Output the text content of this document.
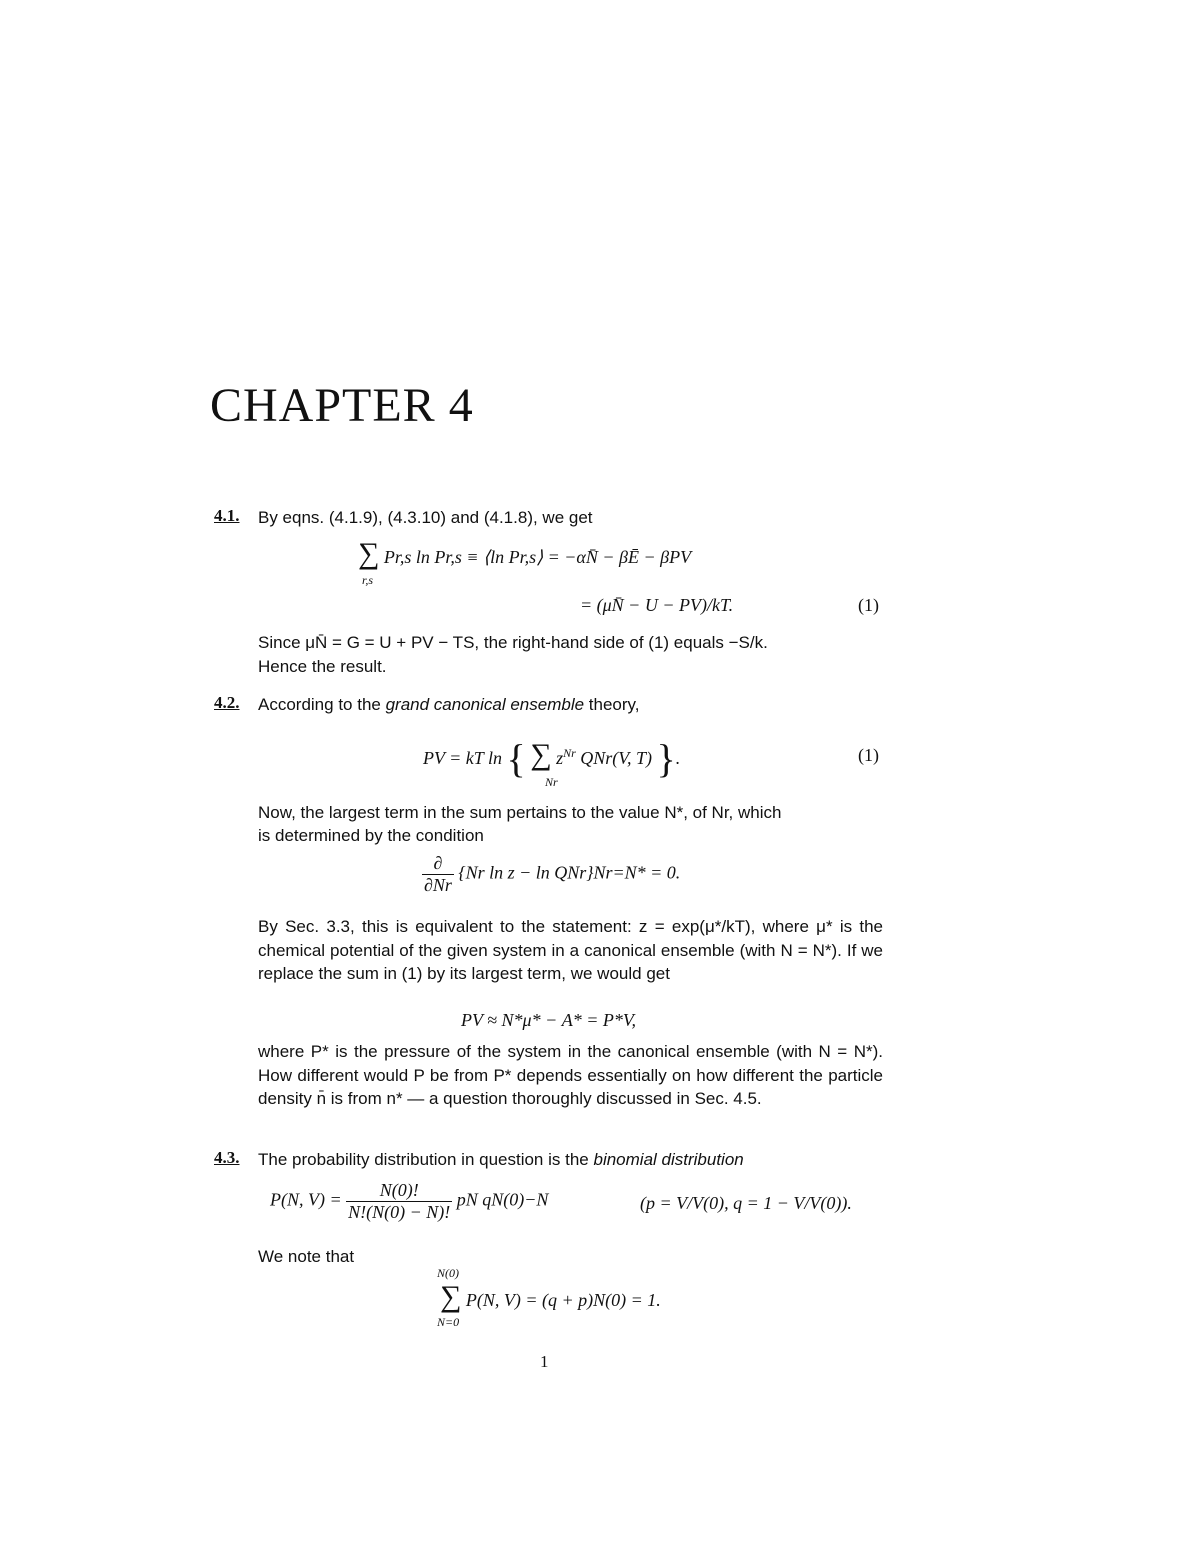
CHAPTER 4
4.1. By eqns. (4.1.9), (4.3.10) and (4.1.8), we get

∑ Pr,s ln Pr,s ≡ ⟨ln Pr,s⟩ = −αN̄ − βĒ − βPV
r,s
= (μN̄ − U − PV)/kT.	(1)

Since μN̄ = G = U + PV − TS, the right-hand side of (1) equals −S/k.

Hence the result.

4.2. According to the grand canonical ensemble theory,

PV = kT ln { ∑ $z^{Nr}$ QNr(V, T) }.
Nr
(1)

Now, the largest term in the sum pertains to the value N*, of Nr, which

is determined by the condition

$\frac{\partial}{\partial Nr} \{Nr$ ln z − ln QNr}Nr=N* = 0.

By Sec. 3.3, this is equivalent to the statement: z = exp(μ*/kT), where μ* is the chemical potential of the given system in a canonical ensemble (with N = N*). If we replace the sum in (1) by its largest term, we would get

PV ≈ N*μ* − A* = P*V,

where P* is the pressure of the system in the canonical ensemble (with N = N*). How different would P be from P* depends essentially on how different the particle density n̄ is from n* — a question thoroughly discussed in Sec. 4.5.

4.3. The probability distribution in question is the binomial distribution

P(N, $V) = \frac{N(0)!}{N!(N(0) - N)!}$ pN qN(0)−N	(p = V/V(0), q = 1 − V/V(0)).

We note that

N(0)
∑ P(N, V) = (q + p)N(0) = 1.
N=0
1
